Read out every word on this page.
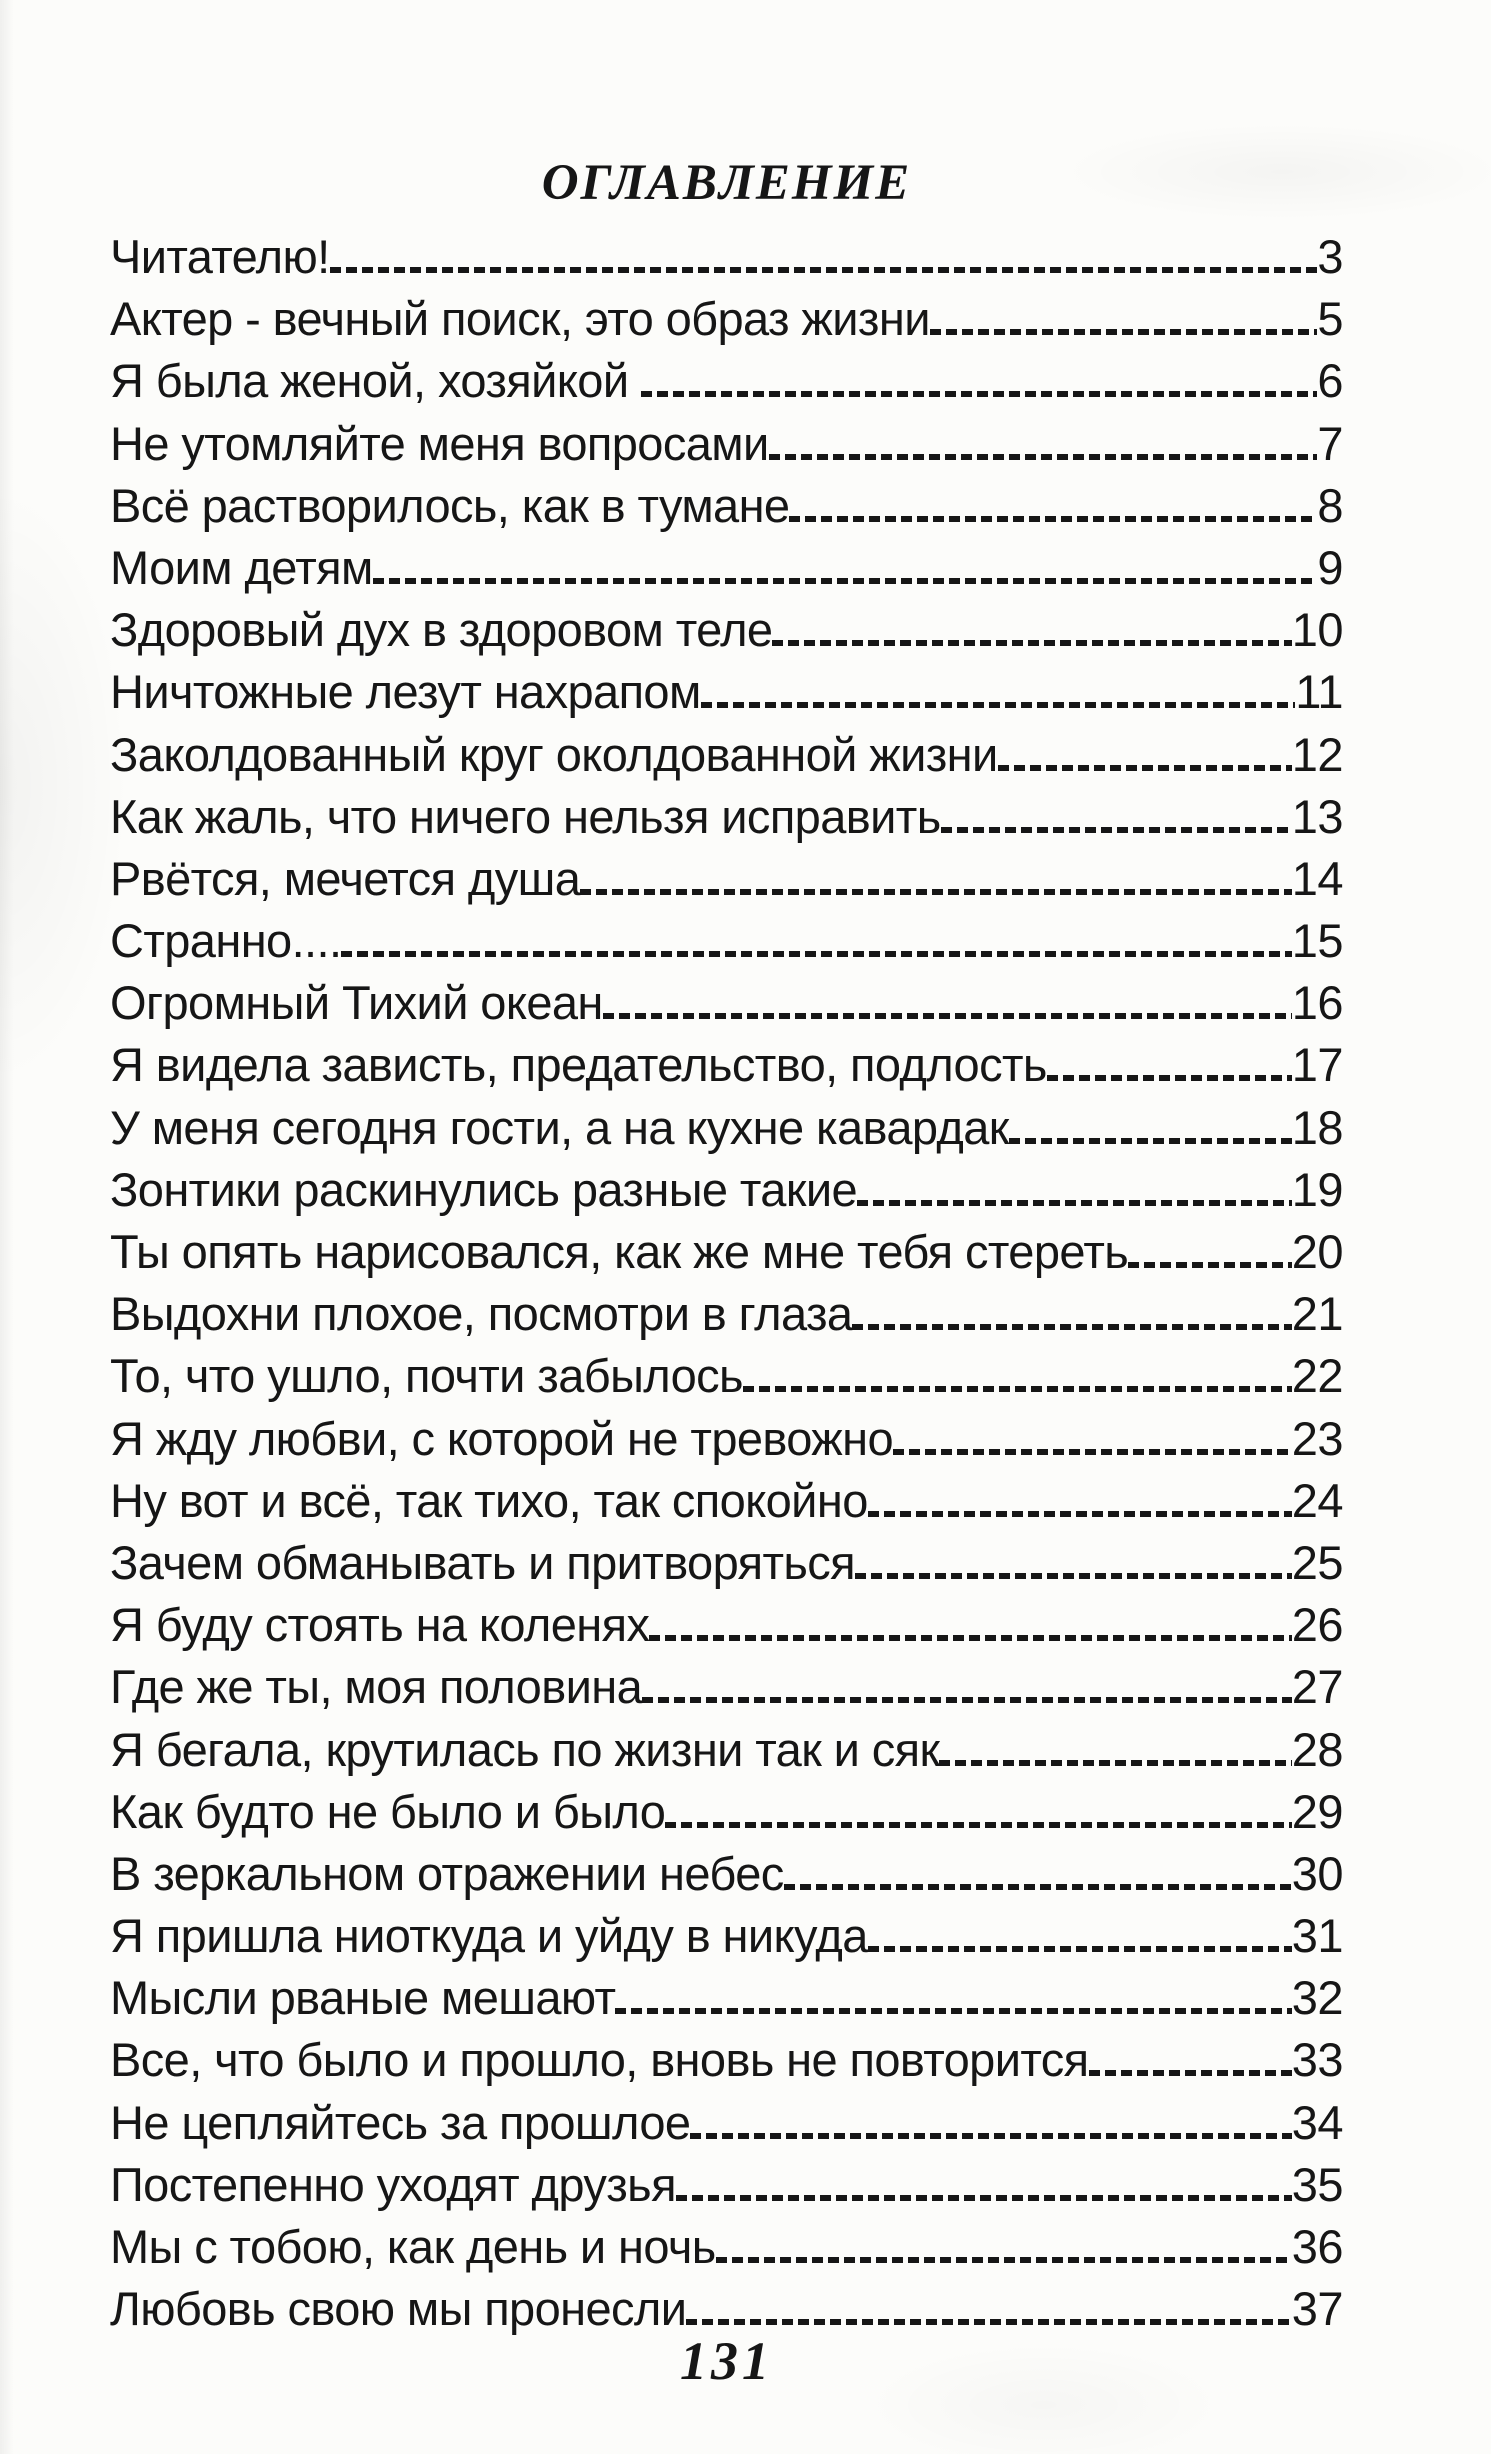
ОГЛАВЛЕНИЕ
Читателю!	3
Актер - вечный поиск, это образ жизни	5
Я была женой, хозяйкой	6
Не утомляйте меня вопросами	7
Всё растворилось, как в тумане	8
Моим детям	9
Здоровый дух в здоровом теле	10
Ничтожные лезут нахрапом	11
Заколдованный круг околдованной жизни	12
Как жаль, что ничего нельзя исправить	13
Рвётся, мечется душа	14
Странно....	15
Огромный Тихий океан	16
Я видела зависть, предательство, подлость	17
У меня сегодня гости, а на кухне кавардак	18
Зонтики раскинулись разные такие	19
Ты опять нарисовался, как же мне тебя стереть	20
Выдохни плохое, посмотри в глаза	21
То, что ушло, почти забылось	22
Я жду любви, с которой не тревожно	23
Ну вот и всё, так тихо, так спокойно	24
Зачем обманывать и притворяться	25
Я буду стоять на коленях	26
Где же ты, моя половина	27
Я бегала, крутилась по жизни так и сяк	28
Как будто не было и было	29
В зеркальном отражении небес	30
Я пришла ниоткуда и уйду в никуда	31
Мысли рваные мешают	32
Все, что было и прошло, вновь не повторится	33
Не цепляйтесь за прошлое	34
Постепенно уходят друзья	35
Мы с тобою, как день и ночь	36
Любовь свою мы пронесли	37
131
